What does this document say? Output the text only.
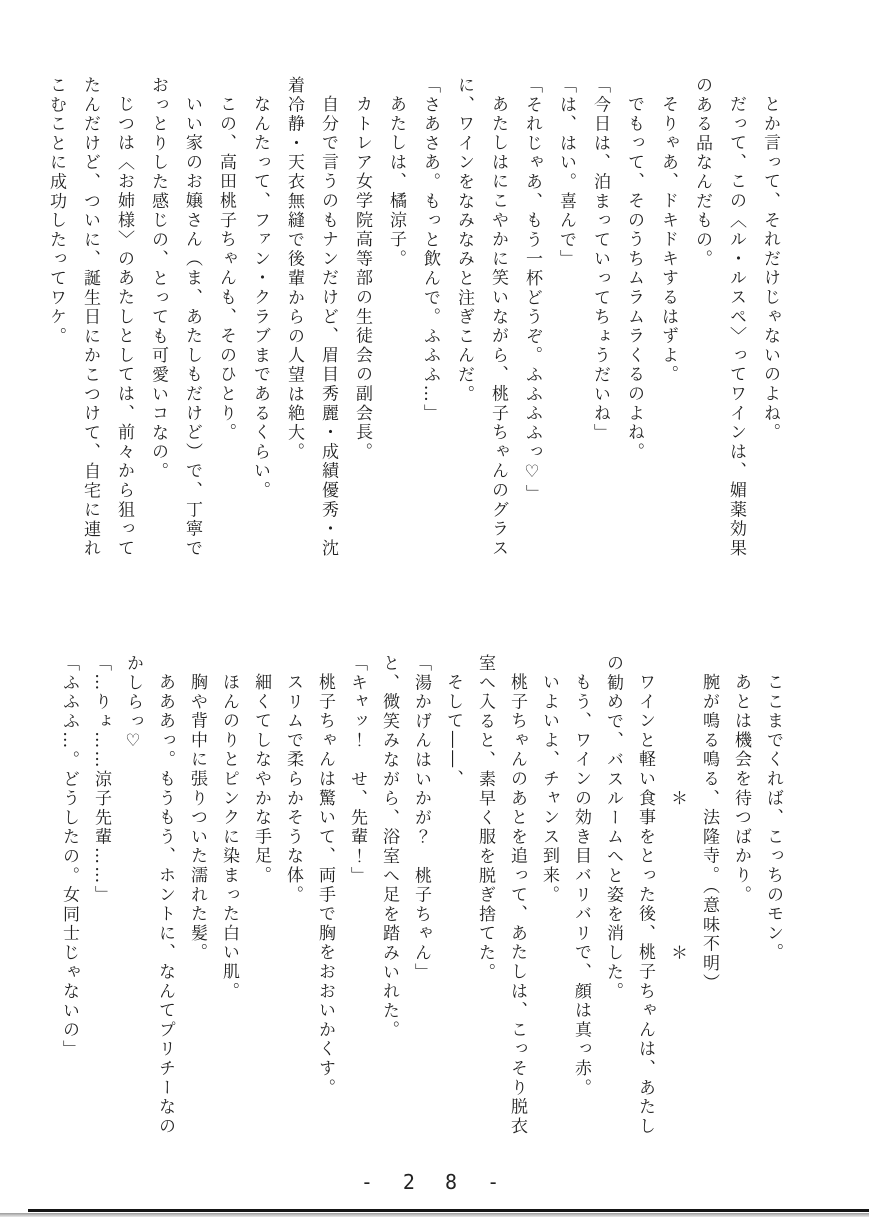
とか言って、それだけじゃないのよね。

だって、この〈ル・ルスペ〉ってワインは、媚薬効果のある品なんだもの。

そりゃあ、ドキドキするはずよ。

でもって、そのうちムラムラくるのよね。

「今日は、泊まっていってちょうだいね」

「は、はい。喜んで」

「それじゃあ、もう一杯どうぞ。ふふふふっ♡」

あたしはにこやかに笑いながら、桃子ちゃんのグラスに、ワインをなみなみと注ぎこんだ。

「さあさあ。もっと飲んで。ふふふ…」

あたしは、橘涼子。

カトレア女学院高等部の生徒会の副会長。

自分で言うのもナンだけど、眉目秀麗・成績優秀・沈着冷静・天衣無縫で後輩からの人望は絶大。

なんたって、ファン・クラブまであるくらい。

この、高田桃子ちゃんも、そのひとり。

いい家のお嬢さん（ま、あたしもだけど）で、丁寧でおっとりした感じの、とっても可愛いコなの。

じつは〈お姉様〉のあたしとしては、前々から狙ってたんだけど、ついに、誕生日にかこつけて、自宅に連れこむことに成功したってワケ。

ここまでくれば、こっちのモン。

あとは機会を待つばかり。

腕が鳴る鳴る、法隆寺。（意味不明）

　　　　　　　＊　　　　　　　＊

ワインと軽い食事をとった後、桃子ちゃんは、あたしの勧めで、バスルームへと姿を消した。

もう、ワインの効き目バリバリで、顔は真っ赤。

いよいよ、チャンス到来。

桃子ちゃんのあとを追って、あたしは、こっそり脱衣室へ入ると、素早く服を脱ぎ捨てた。

そして――、

「湯かげんはいかが？　桃子ちゃん」

と、微笑みながら、浴室へ足を踏みいれた。

「キャッ！　せ、先輩！」

桃子ちゃんは驚いて、両手で胸をおおいかくす。

スリムで柔らかそうな体。

細くてしなやかな手足。

ほんのりとピンクに染まった白い肌。

胸や背中に張りついた濡れた髪。

あああっ。もうもう、ホントに、なんてプリチーなのかしらっ♡

「…りょ……涼子先輩……」

「ふふふ…。どうしたの。女同士じゃないの」

- 2 8 -
